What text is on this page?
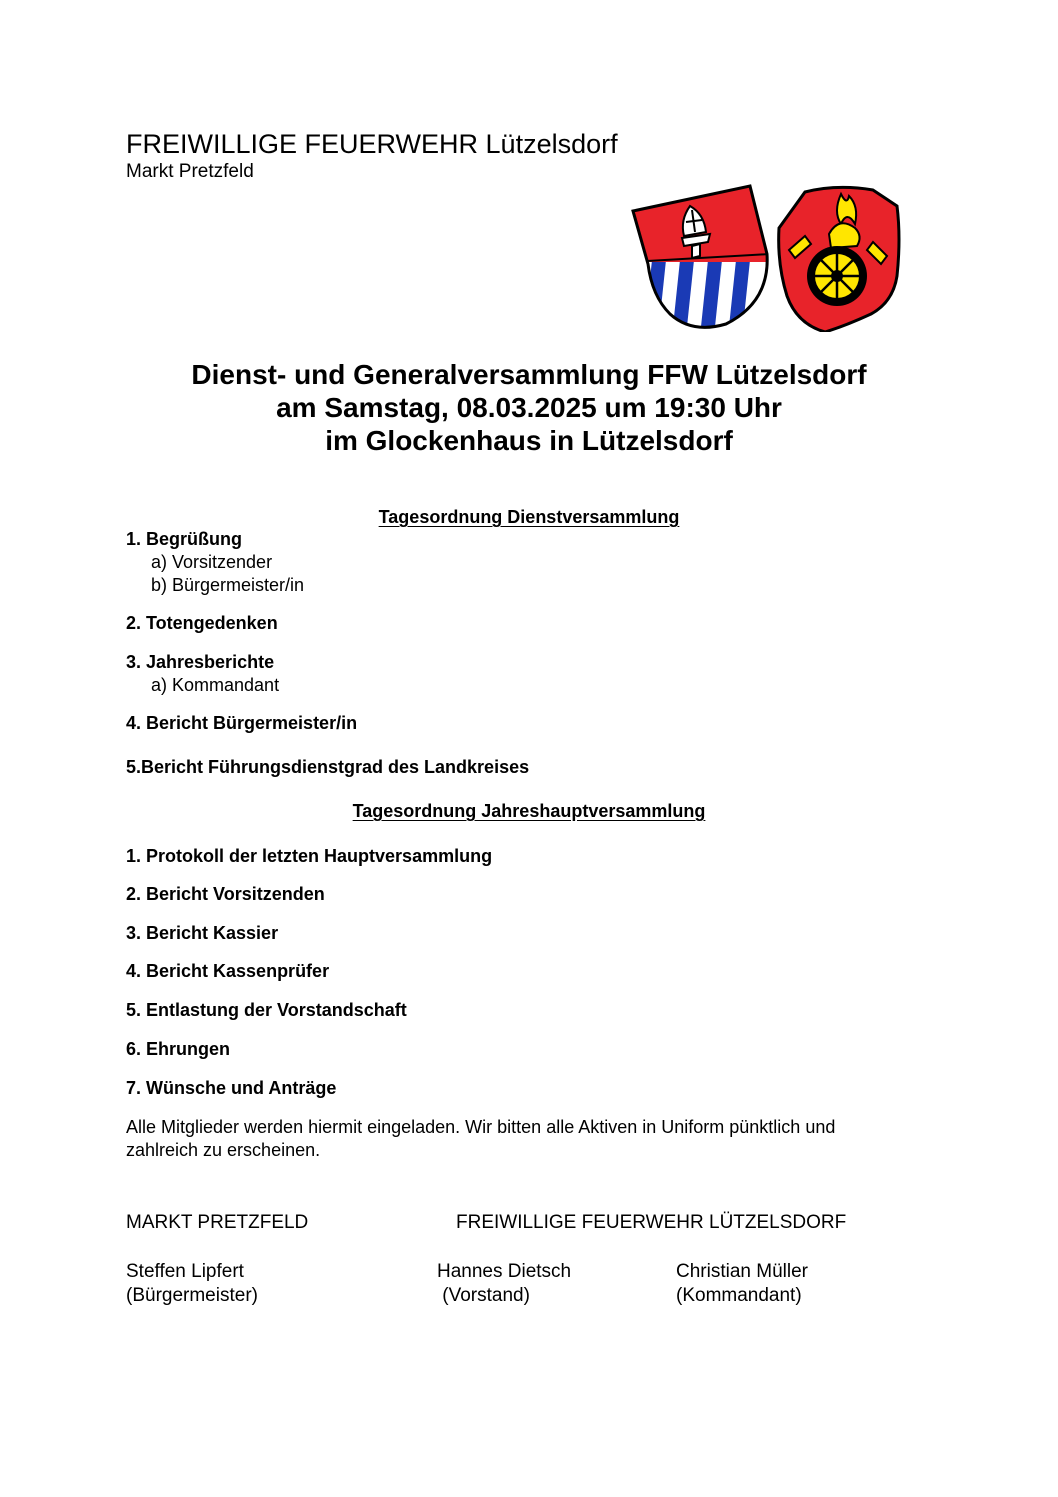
FREIWILLIGE FEUERWEHR Lützelsdorf
Markt Pretzfeld
Dienst- und Generalversammlung FFW Lützelsdorf
am Samstag, 08.03.2025 um 19:30 Uhr
im Glockenhaus in Lützelsdorf
Tagesordnung Dienstversammlung
1. Begrüßung
a) Vorsitzender
b) Bürgermeister/in
2. Totengedenken
3. Jahresberichte
a) Kommandant
4. Bericht Bürgermeister/in
5.Bericht Führungsdienstgrad des Landkreises
Tagesordnung Jahreshauptversammlung
1. Protokoll der letzten Hauptversammlung
2. Bericht Vorsitzenden
3. Bericht Kassier
4. Bericht Kassenprüfer
5. Entlastung der Vorstandschaft
6. Ehrungen
7. Wünsche und Anträge
Alle Mitglieder werden hiermit eingeladen. Wir bitten alle Aktiven in Uniform pünktlich und
zahlreich zu erscheinen.
MARKT PRETZFELD	FREIWILLIGE FEUERWEHR LÜTZELSDORF
Steffen Lipfert
(Bürgermeister)
Hannes Dietsch
(Vorstand)
Christian Müller
(Kommandant)
